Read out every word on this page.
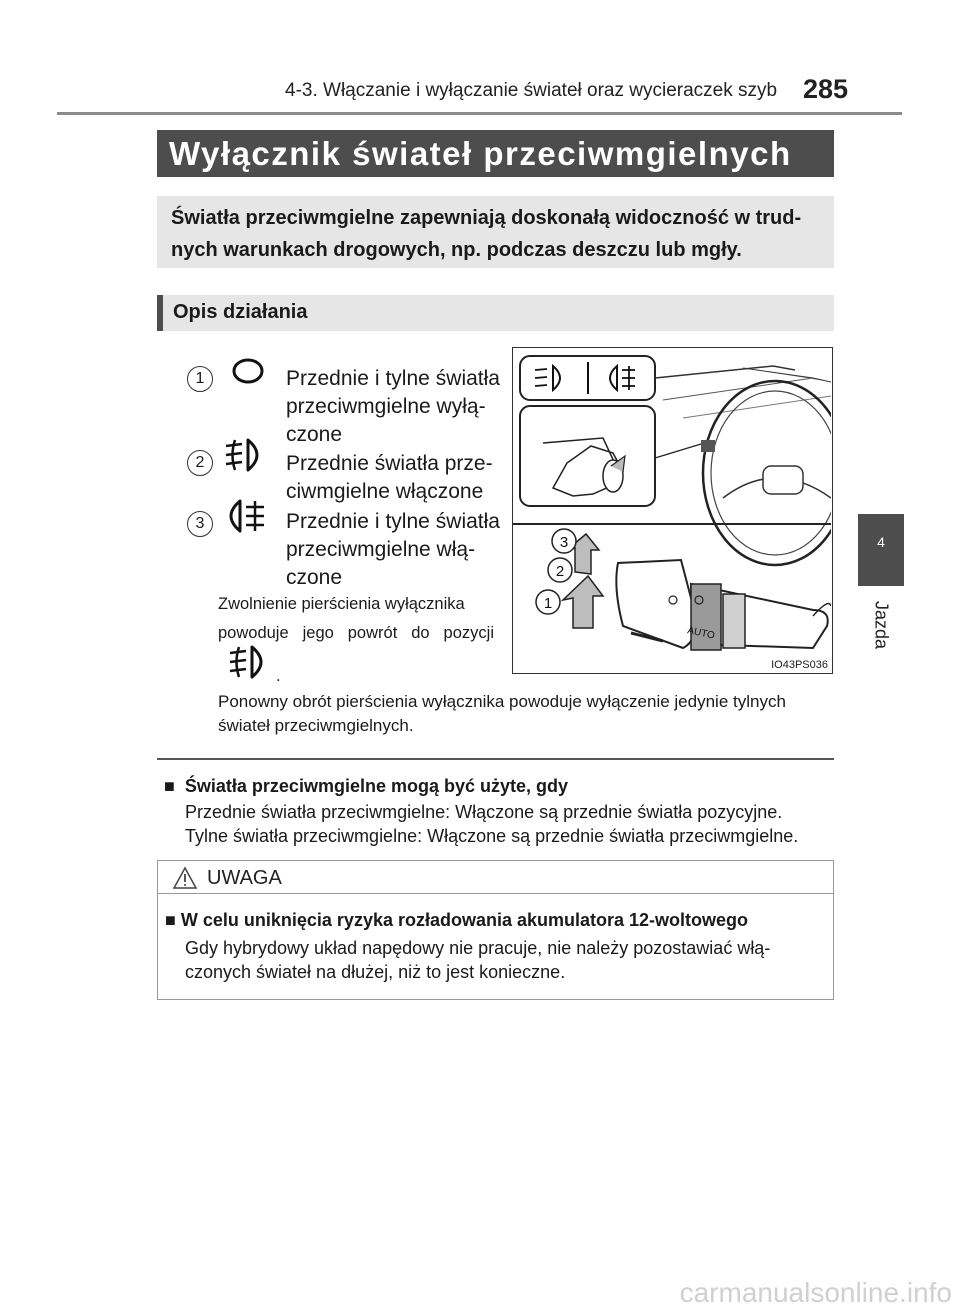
4-3. Włączanie i wyłączanie świateł oraz wycieraczek szyb 285
4
Jazda
Wyłącznik świateł przeciwmgielnych
Światła przeciwmgielne zapewniają doskonałą widoczność w trud-
nych warunkach drogowych, np. podczas deszczu lub mgły.
Opis działania
1	Przednie i tylne światła przeciwmgielne wyłą-
czone
2	Przednie światła prze-
ciwmgielne włączone
3	Przednie i tylne światła przeciwmgielne włą-
czone
Zwolnienie pierścienia wyłącznika
powoduje jego powrót do pozycji
.
Ponowny obrót pierścienia wyłącznika powoduje wyłączenie jedynie tylnych świateł przeciwmgielnych.
AUTO
1
2
3
IO43PS036
■ Światła przeciwmgielne mogą być użyte, gdy
Przednie światła przeciwmgielne: Włączone są przednie światła pozycyjne.
Tylne światła przeciwmgielne: Włączone są przednie światła przeciwmgielne.
UWAGA
■ W celu uniknięcia ryzyka rozładowania akumulatora 12-woltowego
Gdy hybrydowy układ napędowy nie pracuje, nie należy pozostawiać włą-
czonych świateł na dłużej, niż to jest konieczne.
carmanualsonline.info
